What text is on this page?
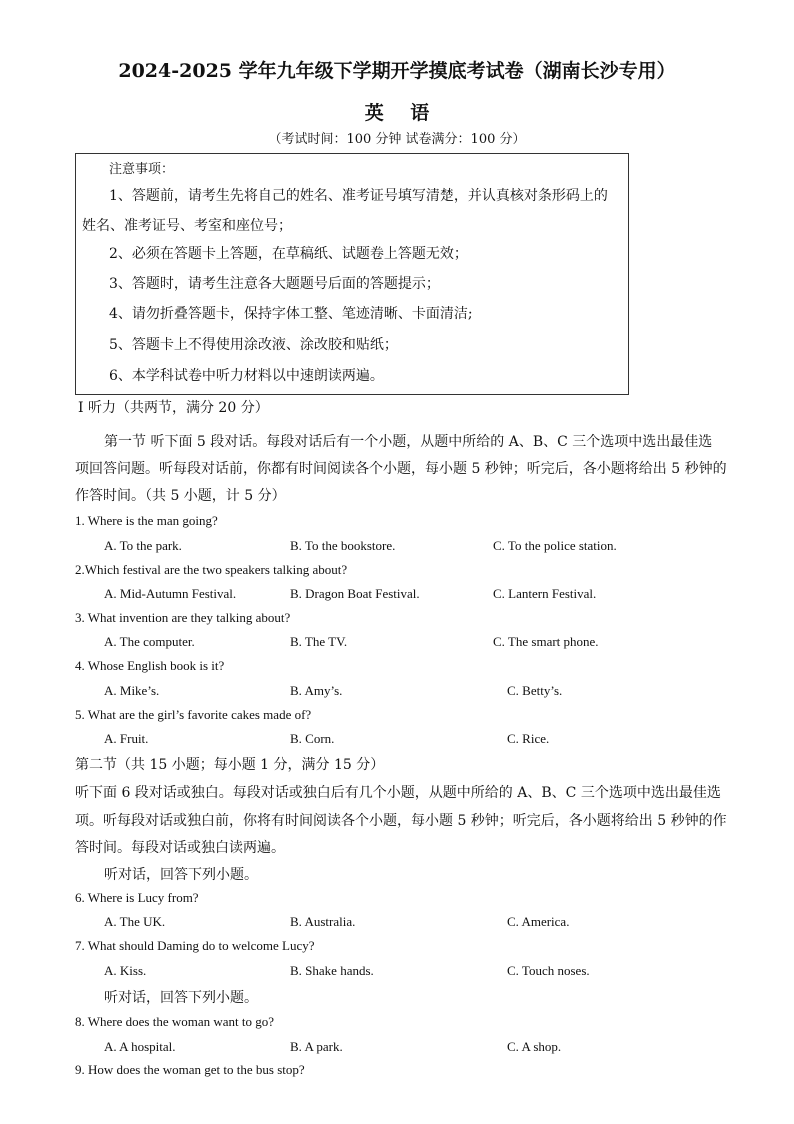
2024-2025 学年九年级下学期开学摸底考试卷（湖南长沙专用）
英 语
（考试时间：100 分钟 试卷满分：100 分）
注意事项：
1、答题前，请考生先将自己的姓名、准考证号填写清楚，并认真核对条形码上的
姓名、准考证号、考室和座位号；
2、必须在答题卡上答题，在草稿纸、试题卷上答题无效；
3、答题时，请考生注意各大题题号后面的答题提示；
4、请勿折叠答题卡，保持字体工整、笔迹清晰、卡面清洁;
5、答题卡上不得使用涂改液、涂改胶和贴纸；
6、本学科试卷中听力材料以中速朗读两遍。
I 听力（共两节，满分 20 分）
第一节 听下面 5 段对话。每段对话后有一个小题，从题中所给的 A、B、C 三个选项中选出最佳选
项回答问题。听每段对话前，你都有时间阅读各个小题，每小题 5 秒钟；听完后，各小题将给出 5 秒钟的
作答时间。（共 5 小题，计 5 分）
1. Where is the man going?
A. To the park.	B. To the bookstore.	C. To the police station.
2.Which festival are the two speakers talking about?
A. Mid-Autumn Festival.	B. Dragon Boat Festival.	C. Lantern Festival.
3. What invention are they talking about?
A. The computer.	B. The TV.	C. The smart phone.
4. Whose English book is it?
A. Mike’s.	B. Amy’s.	C. Betty’s.
5. What are the girl’s favorite cakes made of?
A. Fruit.	B. Corn.	C. Rice.
第二节（共 15 小题；每小题 1 分，满分 15 分）
听下面 6 段对话或独白。每段对话或独白后有几个小题，从题中所给的 A、B、C 三个选项中选出最佳选
项。听每段对话或独白前，你将有时间阅读各个小题，每小题 5 秒钟；听完后，各小题将给出 5 秒钟的作
答时间。每段对话或独白读两遍。
听对话，回答下列小题。
6. Where is Lucy from?
A. The UK.	B. Australia.	C. America.
7. What should Daming do to welcome Lucy?
A. Kiss.	B. Shake hands.	C. Touch noses.
听对话，回答下列小题。
8. Where does the woman want to go?
A. A hospital.	B. A park.	C. A shop.
9. How does the woman get to the bus stop?
